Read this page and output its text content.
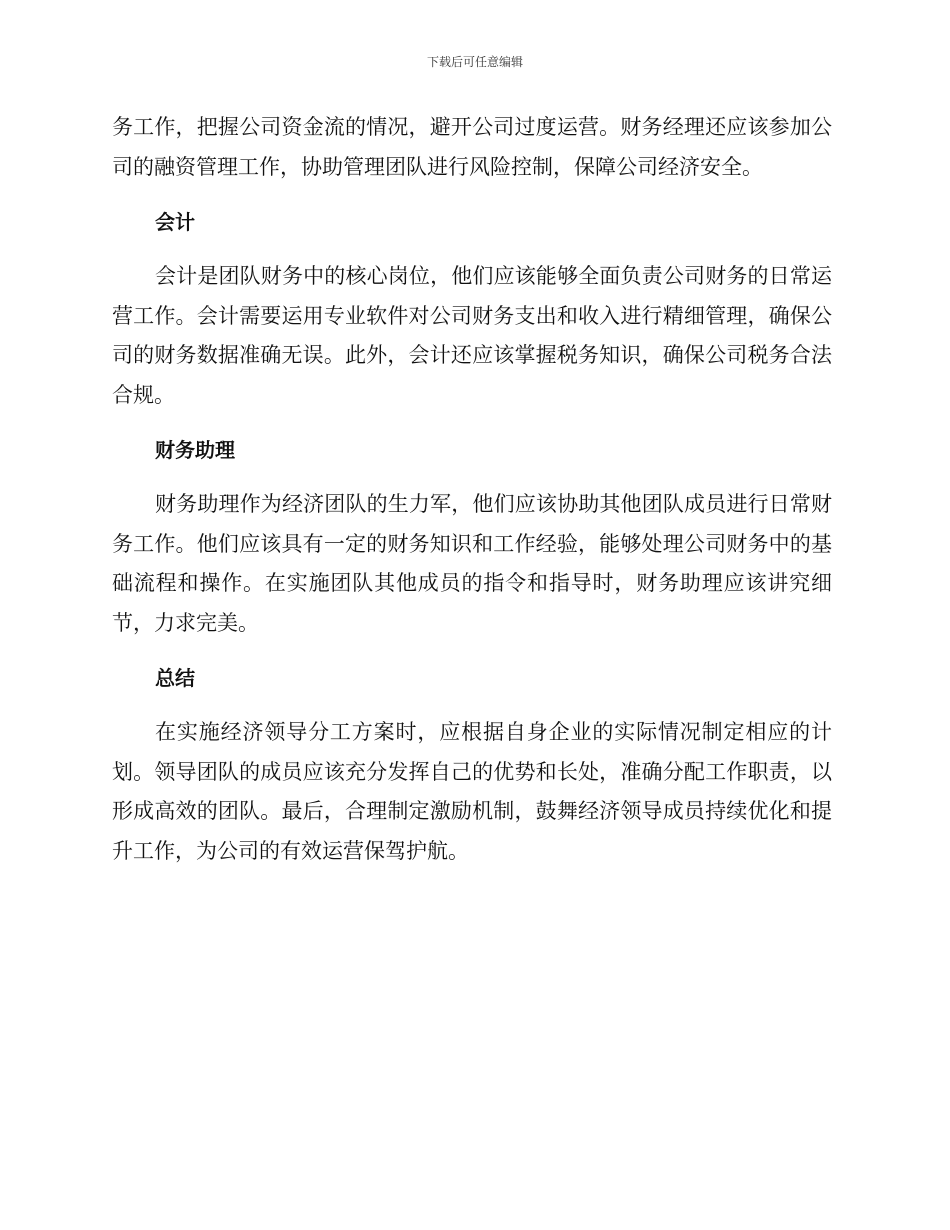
下载后可任意编辑

务工作，把握公司资金流的情况，避开公司过度运营。财务经理还应该参加公司的融资管理工作，协助管理团队进行风险控制，保障公司经济安全。

会计

会计是团队财务中的核心岗位，他们应该能够全面负责公司财务的日常运营工作。会计需要运用专业软件对公司财务支出和收入进行精细管理，确保公司的财务数据准确无误。此外，会计还应该掌握税务知识，确保公司税务合法合规。

财务助理

财务助理作为经济团队的生力军，他们应该协助其他团队成员进行日常财务工作。他们应该具有一定的财务知识和工作经验，能够处理公司财务中的基础流程和操作。在实施团队其他成员的指令和指导时，财务助理应该讲究细节，力求完美。

总结

在实施经济领导分工方案时，应根据自身企业的实际情况制定相应的计划。领导团队的成员应该充分发挥自己的优势和长处，准确分配工作职责，以形成高效的团队。最后，合理制定激励机制，鼓舞经济领导成员持续优化和提升工作，为公司的有效运营保驾护航。
